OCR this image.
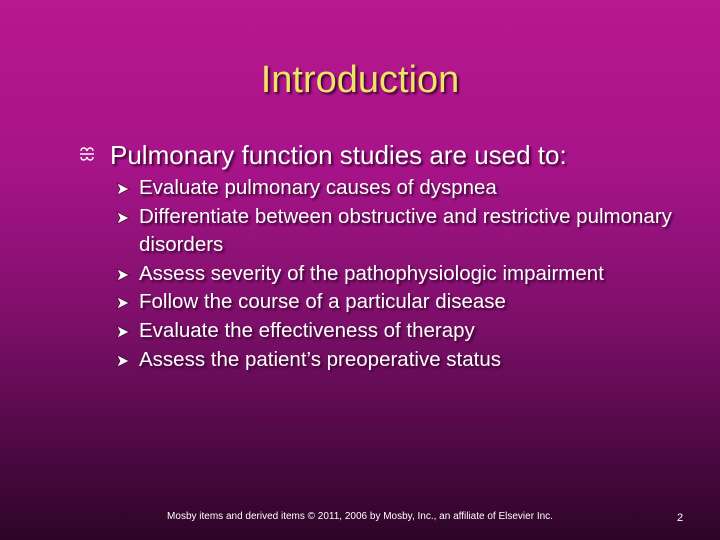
Introduction
Pulmonary function studies are used to:
Evaluate pulmonary causes of dyspnea
Differentiate between obstructive and restrictive pulmonary disorders
Assess severity of the pathophysiologic impairment
Follow the course of a particular disease
Evaluate the effectiveness of therapy
Assess the patient’s preoperative status
Mosby items and derived items © 2011, 2006 by Mosby, Inc., an affiliate of Elsevier Inc.	2
